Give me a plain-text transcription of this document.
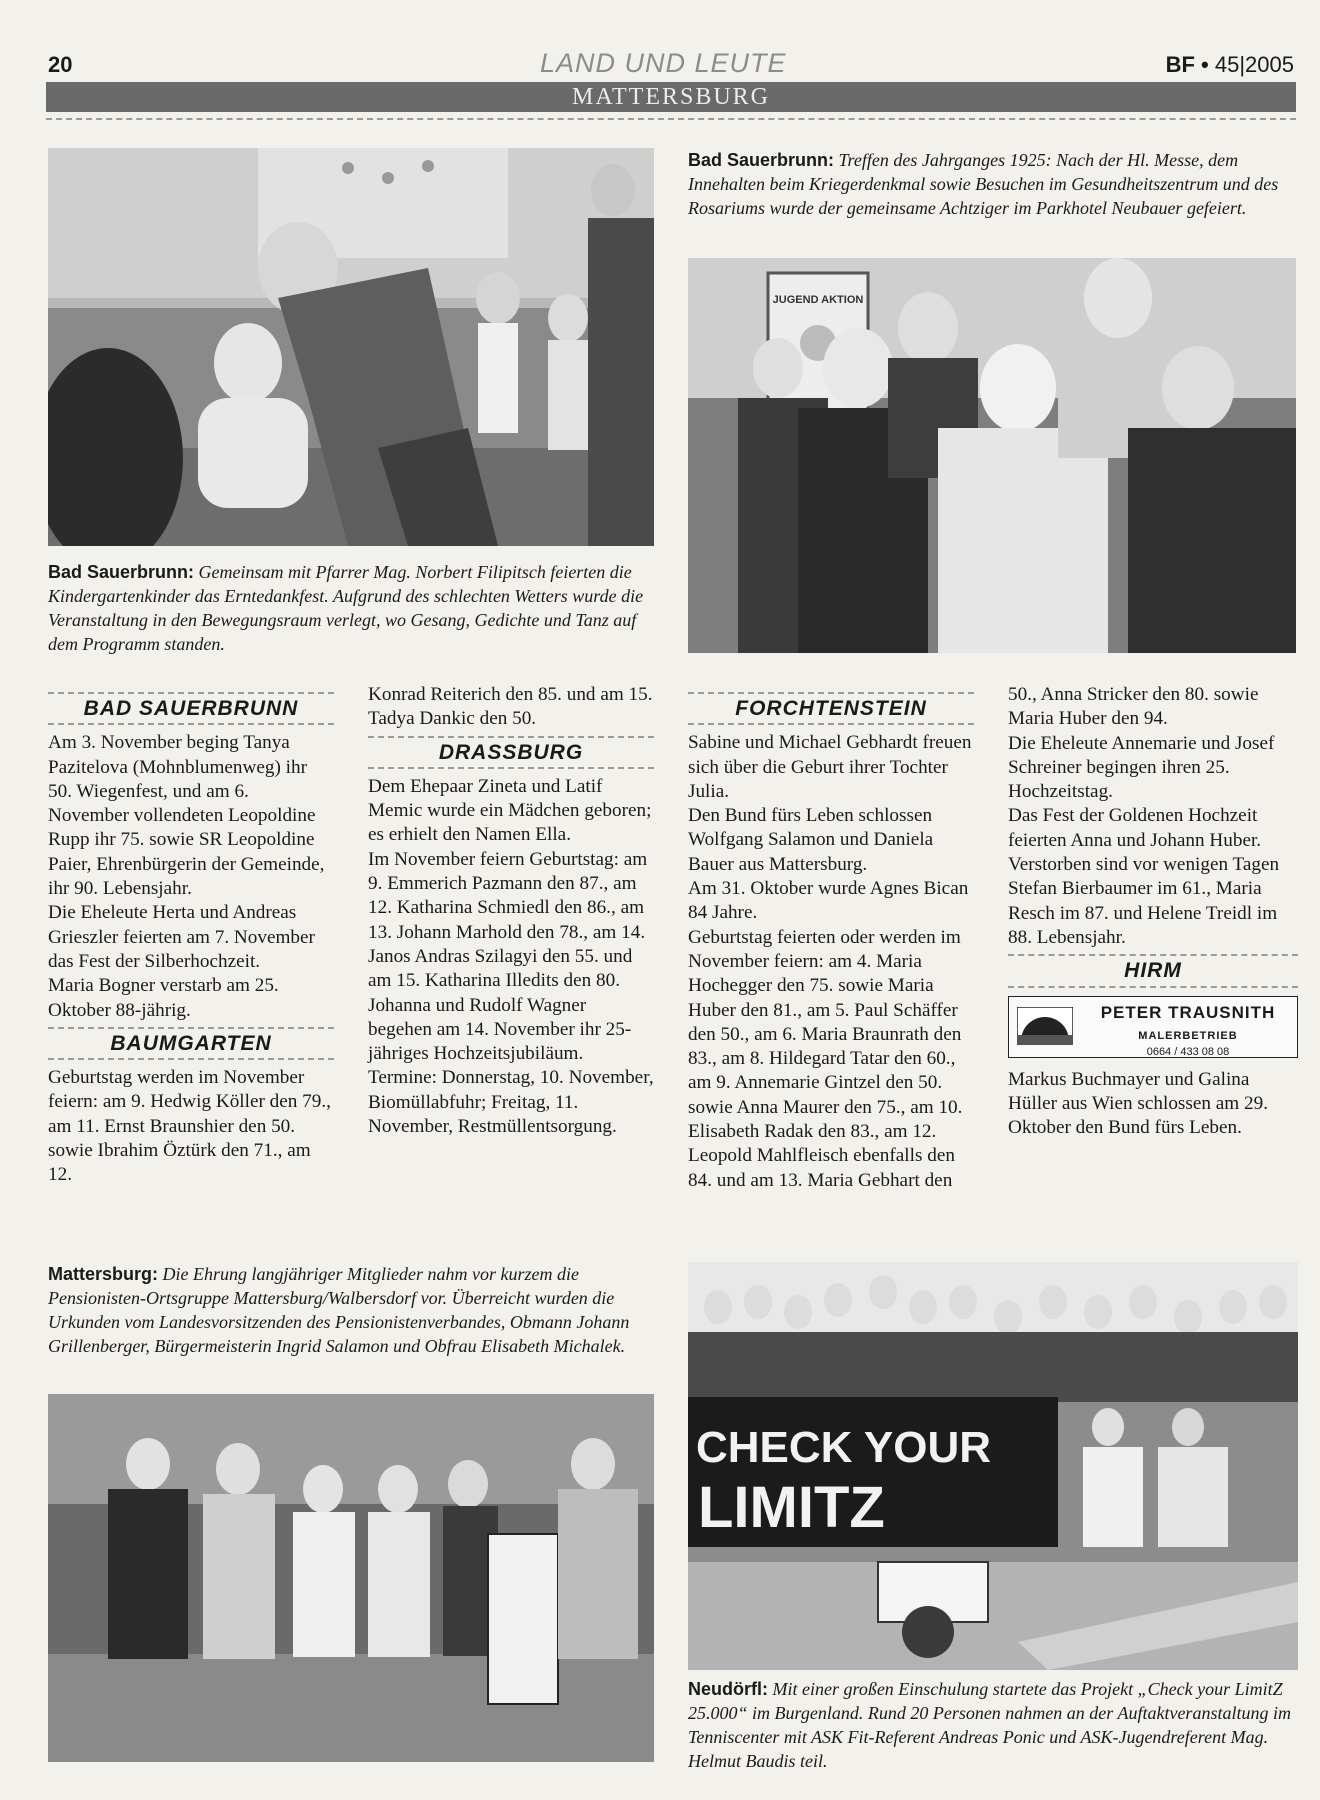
20	LAND UND LEUTE	BF • 45|2005
MATTERSBURG
Bad Sauerbrunn: Treffen des Jahrganges 1925: Nach der Hl. Messe, dem Innehalten beim Kriegerdenkmal sowie Besuchen im Gesundheitszentrum und des Rosariums wurde der gemeinsame Achtziger im Parkhotel Neubauer gefeiert.
JUGEND AKTION
Bad Sauerbrunn: Gemeinsam mit Pfarrer Mag. Norbert Filipitsch feierten die Kindergartenkinder das Erntedankfest. Aufgrund des schlechten Wetters wurde die Veranstaltung in den Bewegungsraum verlegt, wo Gesang, Gedichte und Tanz auf dem Programm standen.
BAD SAUERBRUNN

Am 3. November beging Tanya Pazitelova (Mohnblumenweg) ihr 50. Wiegenfest, und am 6. November vollendeten Leopoldine Rupp ihr 75. sowie SR Leopoldine Paier, Ehrenbürgerin der Gemeinde, ihr 90. Lebensjahr.

Die Eheleute Herta und Andreas Grieszler feierten am 7. November das Fest der Silberhochzeit.

Maria Bogner verstarb am 25. Oktober 88-jährig.

BAUMGARTEN

Geburtstag werden im November feiern: am 9. Hedwig Köller den 79., am 11. Ernst Braunshier den 50. sowie Ibrahim Öztürk den 71., am 12.

Konrad Reiterich den 85. und am 15. Tadya Dankic den 50.

DRASSBURG

Dem Ehepaar Zineta und Latif Memic wurde ein Mädchen geboren; es erhielt den Namen Ella.

Im November feiern Geburtstag: am 9. Emmerich Pazmann den 87., am 12. Katharina Schmiedl den 86., am 13. Johann Marhold den 78., am 14. Janos Andras Szilagyi den 55. und am 15. Katharina Illedits den 80.

Johanna und Rudolf Wagner begehen am 14. November ihr 25-jähriges Hochzeitsjubiläum.

Termine: Donnerstag, 10. November, Biomüllabfuhr; Freitag, 11. November, Restmüllentsorgung.

FORCHTENSTEIN

Sabine und Michael Gebhardt freuen sich über die Geburt ihrer Tochter Julia.

Den Bund fürs Leben schlossen Wolfgang Salamon und Daniela Bauer aus Mattersburg.

Am 31. Oktober wurde Agnes Bican 84 Jahre.

Geburtstag feierten oder werden im November feiern: am 4. Maria Hochegger den 75. sowie Maria Huber den 81., am 5. Paul Schäffer den 50., am 6. Maria Braunrath den 83., am 8. Hildegard Tatar den 60., am 9. Annemarie Gintzel den 50. sowie Anna Maurer den 75., am 10. Elisabeth Radak den 83., am 12. Leopold Mahlfleisch ebenfalls den 84. und am 13. Maria Gebhart den

50., Anna Stricker den 80. sowie Maria Huber den 94.

Die Eheleute Annemarie und Josef Schreiner begingen ihren 25. Hochzeitstag.

Das Fest der Goldenen Hochzeit feierten Anna und Johann Huber.

Verstorben sind vor wenigen Tagen Stefan Bierbaumer im 61., Maria Resch im 87. und Helene Treidl im 88. Lebensjahr.

HIRM
PETER TRAUSNITH
MALERBETRIEB
0664 / 433 08 08

Markus Buchmayer und Galina Hüller aus Wien schlossen am 29. Oktober den Bund fürs Leben.

Mattersburg: Die Ehrung langjähriger Mitglieder nahm vor kurzem die Pensionisten-Ortsgruppe Mattersburg/Walbersdorf vor. Überreicht wurden die Urkunden vom Landesvorsitzenden des Pensionistenverbandes, Obmann Johann Grillenberger, Bürgermeisterin Ingrid Salamon und Obfrau Elisabeth Michalek.
CHECK YOUR
LIMITZ
Neudörfl: Mit einer großen Einschulung startete das Projekt „Check your LimitZ 25.000“ im Burgenland. Rund 20 Personen nahmen an der Auftaktveranstaltung im Tenniscenter mit ASK Fit-Referent Andreas Ponic und ASK-Jugendreferent Mag. Helmut Baudis teil.
